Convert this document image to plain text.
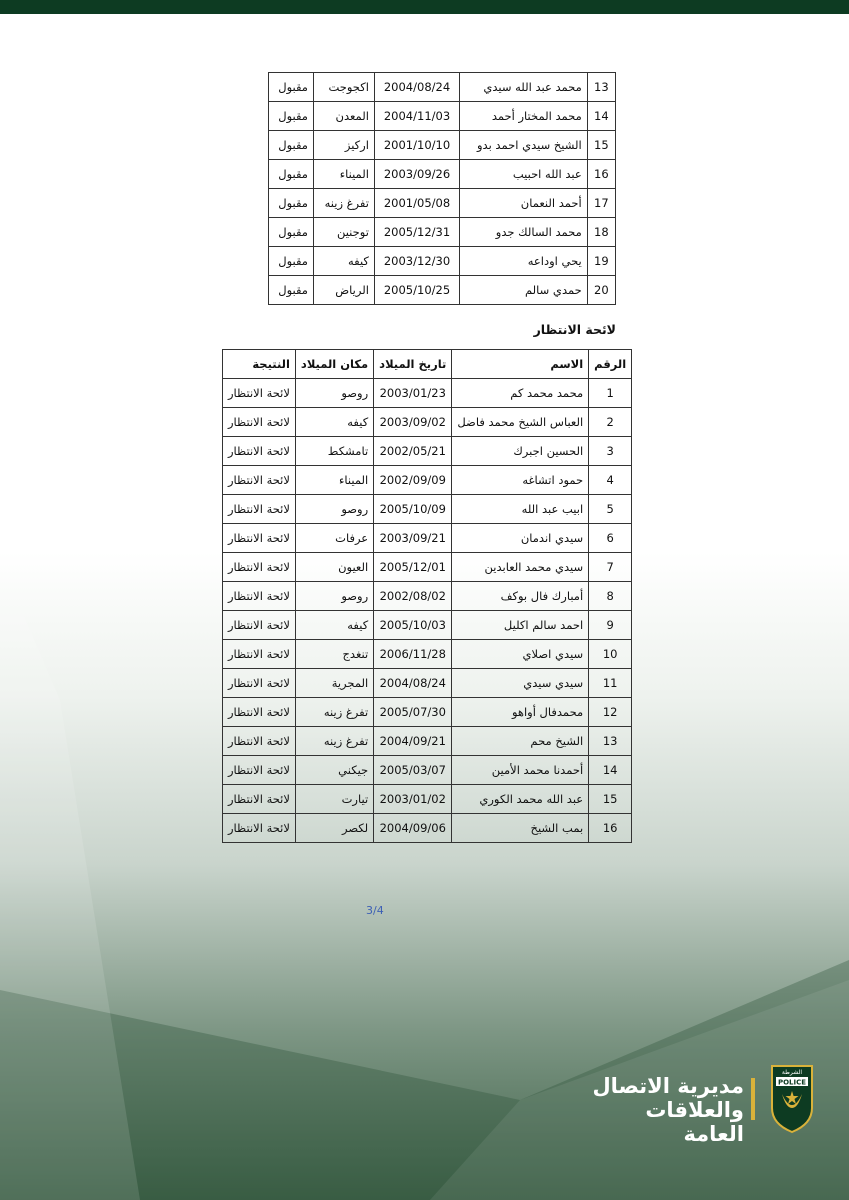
13	محمد عبد الله سيدي	2004/08/24	اكجوجت	مقبول
14	محمد المختار أحمد	2004/11/03	المعدن	مقبول
15	الشيخ سيدي احمد بدو	2001/10/10	اركيز	مقبول
16	عبد الله احبيب	2003/09/26	الميناء	مقبول
17	أحمد النعمان	2001/05/08	تفرغ زينه	مقبول
18	محمد السالك جدو	2005/12/31	توجنين	مقبول
19	يحي اوداعه	2003/12/30	كيفه	مقبول
20	حمدي سالم	2005/10/25	الرياض	مقبول
لائحة الانتظار
الرقم	الاسم	تاريخ الميلاد	مكان الميلاد	النتيجة
1	محمد محمد كم	2003/01/23	روصو	لائحة الانتظار
2	العباس الشيخ محمد فاضل	2003/09/02	كيفه	لائحة الانتظار
3	الحسين اجبرك	2002/05/21	تامشكط	لائحة الانتظار
4	حمود اتشاغه	2002/09/09	الميناء	لائحة الانتظار
5	ابيب عبد الله	2005/10/09	روصو	لائحة الانتظار
6	سيدي اندمان	2003/09/21	عرفات	لائحة الانتظار
7	سيدي محمد العابدين	2005/12/01	العيون	لائحة الانتظار
8	أمبارك فال بوكف	2002/08/02	روصو	لائحة الانتظار
9	احمد سالم اكليل	2005/10/03	كيفه	لائحة الانتظار
10	سيدي اصلاي	2006/11/28	تنغدج	لائحة الانتظار
11	سيدي سيدي	2004/08/24	المجرية	لائحة الانتظار
12	محمدفال أواهو	2005/07/30	تفرغ زينه	لائحة الانتظار
13	الشيخ محم	2004/09/21	تفرغ زينه	لائحة الانتظار
14	أحمدنا محمد الأمين	2005/03/07	جيكني	لائحة الانتظار
15	عبد الله محمد الكوري	2003/01/02	تيارت	لائحة الانتظار
16	بمب الشيخ	2004/09/06	لكصر	لائحة الانتظار
3/4
مديرية الاتصال
والعلاقات العامة
الشرطة
POLICE
